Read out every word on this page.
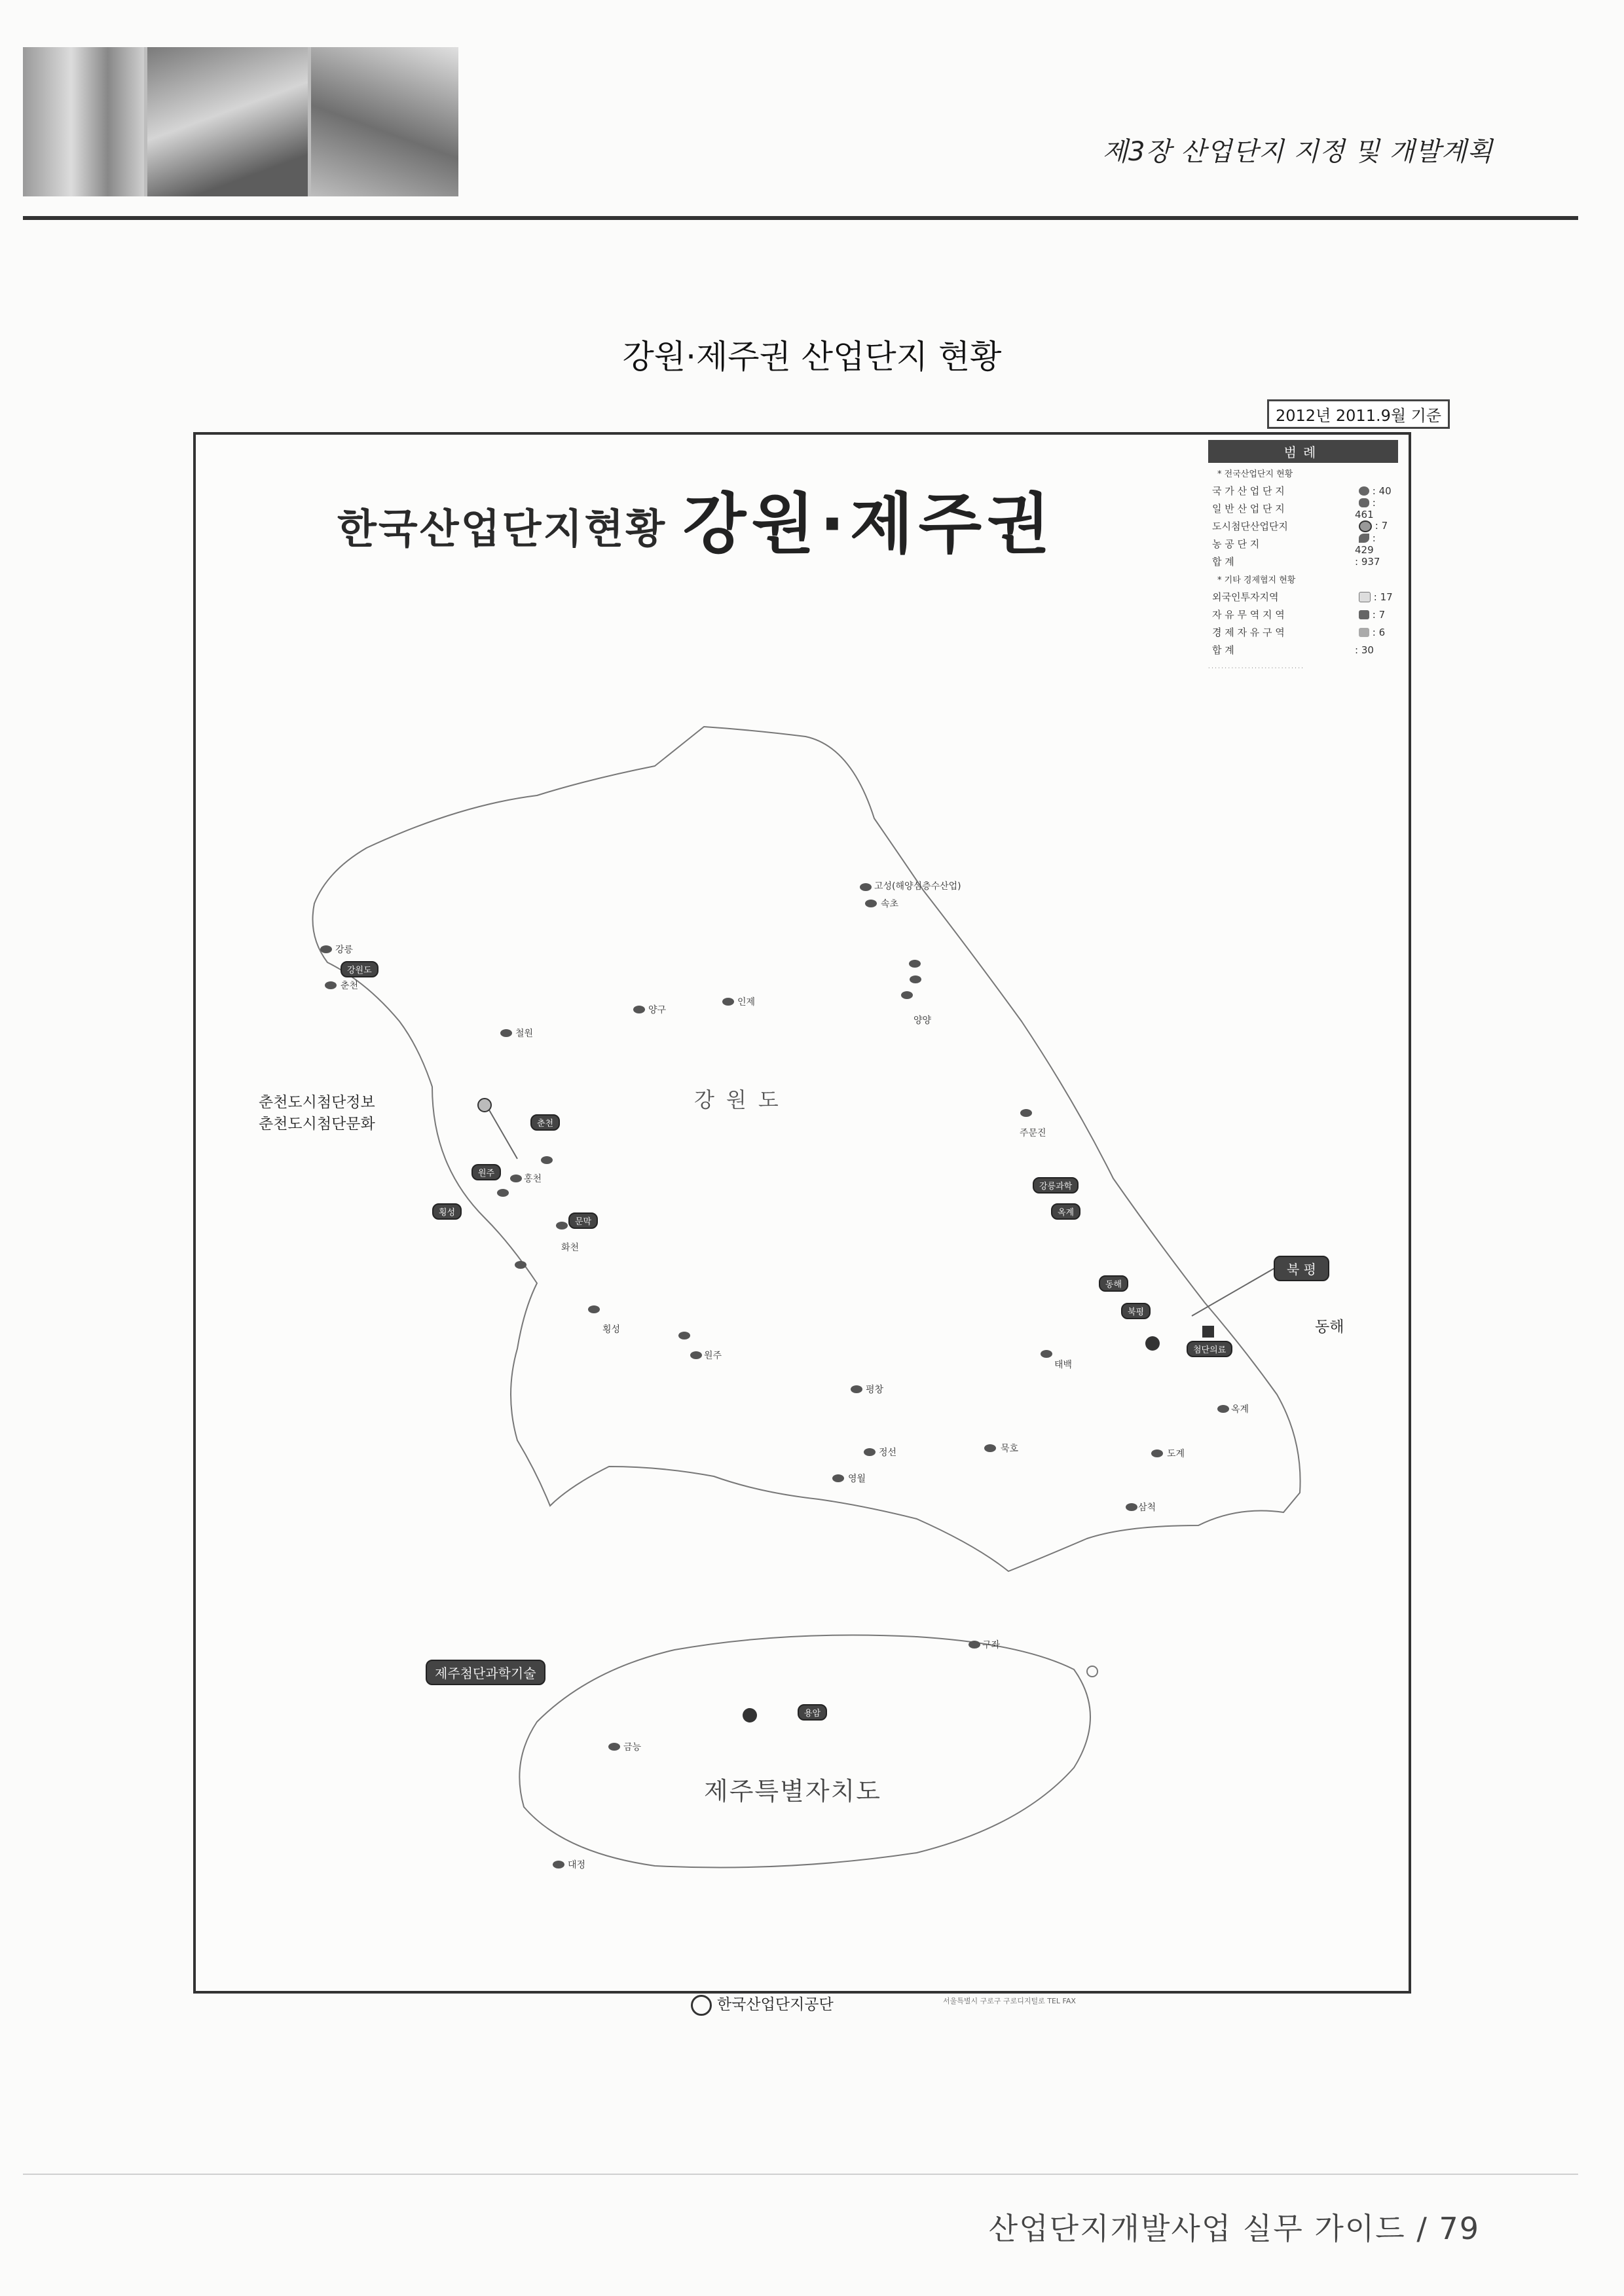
제3장 산업단지 지정 및 개발계획
강원·제주권 산업단지 현황
2012년 2011.9월 기준
한국산업단지현황 강원·제주권
범례
* 전국산업단지 현황
국 가 산 업 단 지	: 40
일 반 산 업 단 지
: 461
도시첨단산업단지	: 7
농 공 단 지
: 429
합 계	: 937
* 기타 경제협지 현황
외국인투자지역	: 17
자 유 무 역 지 역	: 7
경 제 자 유 구 역	: 6
합 계	: 30
· · · · · · · · · · · · · · · · · · · · · · · · · · · · ·
강원도
제주특별자치도
춘천도시첨단정보
춘천도시첨단문화
동해
북 평
제주첨단과학기술
고성(해양심층수산업)
속초
철원
화천
양구
인제
양양
주문진
강릉
춘천
홍천
횡성
원주
평창
정선
영월
태백
삼척
도계
옥계
묵호
구좌
금능
대정
강원도
강릉과학
옥계
춘천
원주
횡성
문막
동해
북평
첨단의료
용암
한국산업단지공단	서울특별시 구로구 구로디지털로 TEL FAX
산업단지개발사업 실무 가이드 / 79
